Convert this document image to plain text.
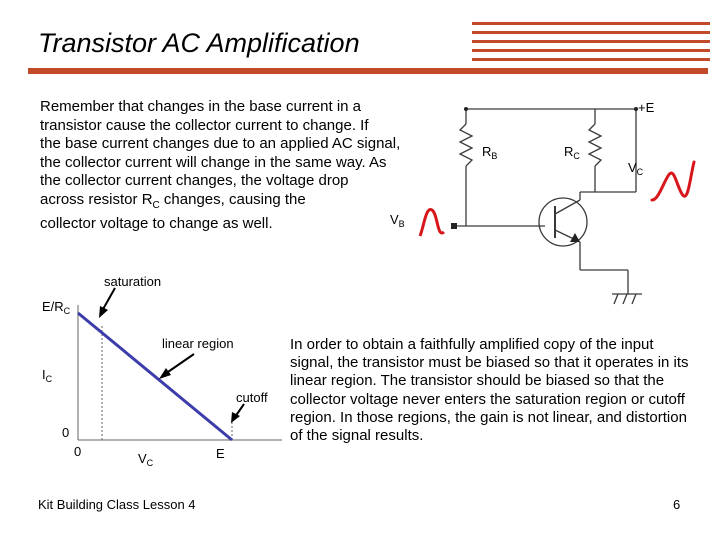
Transistor AC Amplification
Remember that changes in the base current in a
transistor cause the collector current to change. If
the base current changes due to an applied AC signal,
the collector current will change in the same way. As
the collector current changes, the voltage drop
across resistor $R_C$ changes, causing the
collector voltage to change as well.
+E
$R_B$	$R_C$
$V_C$
$V_B$
saturation
$E/R_C$
linear region
$I_C$
cutoff
0
0	$V_C$
E
In order to obtain a faithfully amplified copy of the input signal, the transistor must be biased so that it operates in its linear region. The transistor should be biased so that the collector voltage never enters the saturation region or cutoff region. In those regions, the gain is not linear, and distortion of the signal results.
Kit Building Class Lesson 4	6
